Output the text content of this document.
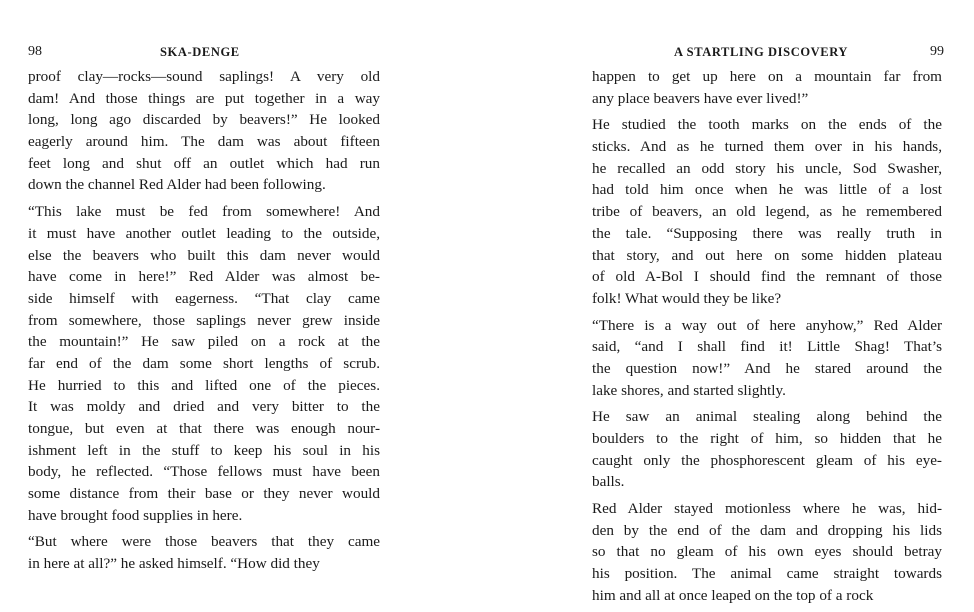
98	SKA-DENGE
proof clay—rocks—sound saplings! A very old
dam! And those things are put together in a way
long, long ago discarded by beavers!” He looked
eagerly around him. The dam was about fifteen
feet long and shut off an outlet which had run
down the channel Red Alder had been following.
“This lake must be fed from somewhere! And
it must have another outlet leading to the outside,
else the beavers who built this dam never would
have come in here!” Red Alder was almost be-
side himself with eagerness. “That clay came
from somewhere, those saplings never grew inside
the mountain!” He saw piled on a rock at the
far end of the dam some short lengths of scrub.
He hurried to this and lifted one of the pieces.
It was moldy and dried and very bitter to the
tongue, but even at that there was enough nour-
ishment left in the stuff to keep his soul in his
body, he reflected. “Those fellows must have been
some distance from their base or they never would
have brought food supplies in here.
“But where were those beavers that they came
in here at all?” he asked himself. “How did they
A STARTLING DISCOVERY	99
happen to get up here on a mountain far from
any place beavers have ever lived!”
He studied the tooth marks on the ends of the
sticks. And as he turned them over in his hands,
he recalled an odd story his uncle, Sod Swasher,
had told him once when he was little of a lost
tribe of beavers, an old legend, as he remembered
the tale. “Supposing there was really truth in
that story, and out here on some hidden plateau
of old A-Bol I should find the remnant of those
folk! What would they be like?
“There is a way out of here anyhow,” Red Alder
said, “and I shall find it! Little Shag! That’s
the question now!” And he stared around the
lake shores, and started slightly.
He saw an animal stealing along behind the
boulders to the right of him, so hidden that he
caught only the phosphorescent gleam of his eye-
balls.
Red Alder stayed motionless where he was, hid-
den by the end of the dam and dropping his lids
so that no gleam of his own eyes should betray
his position. The animal came straight towards
him and all at once leaped on the top of a rock
